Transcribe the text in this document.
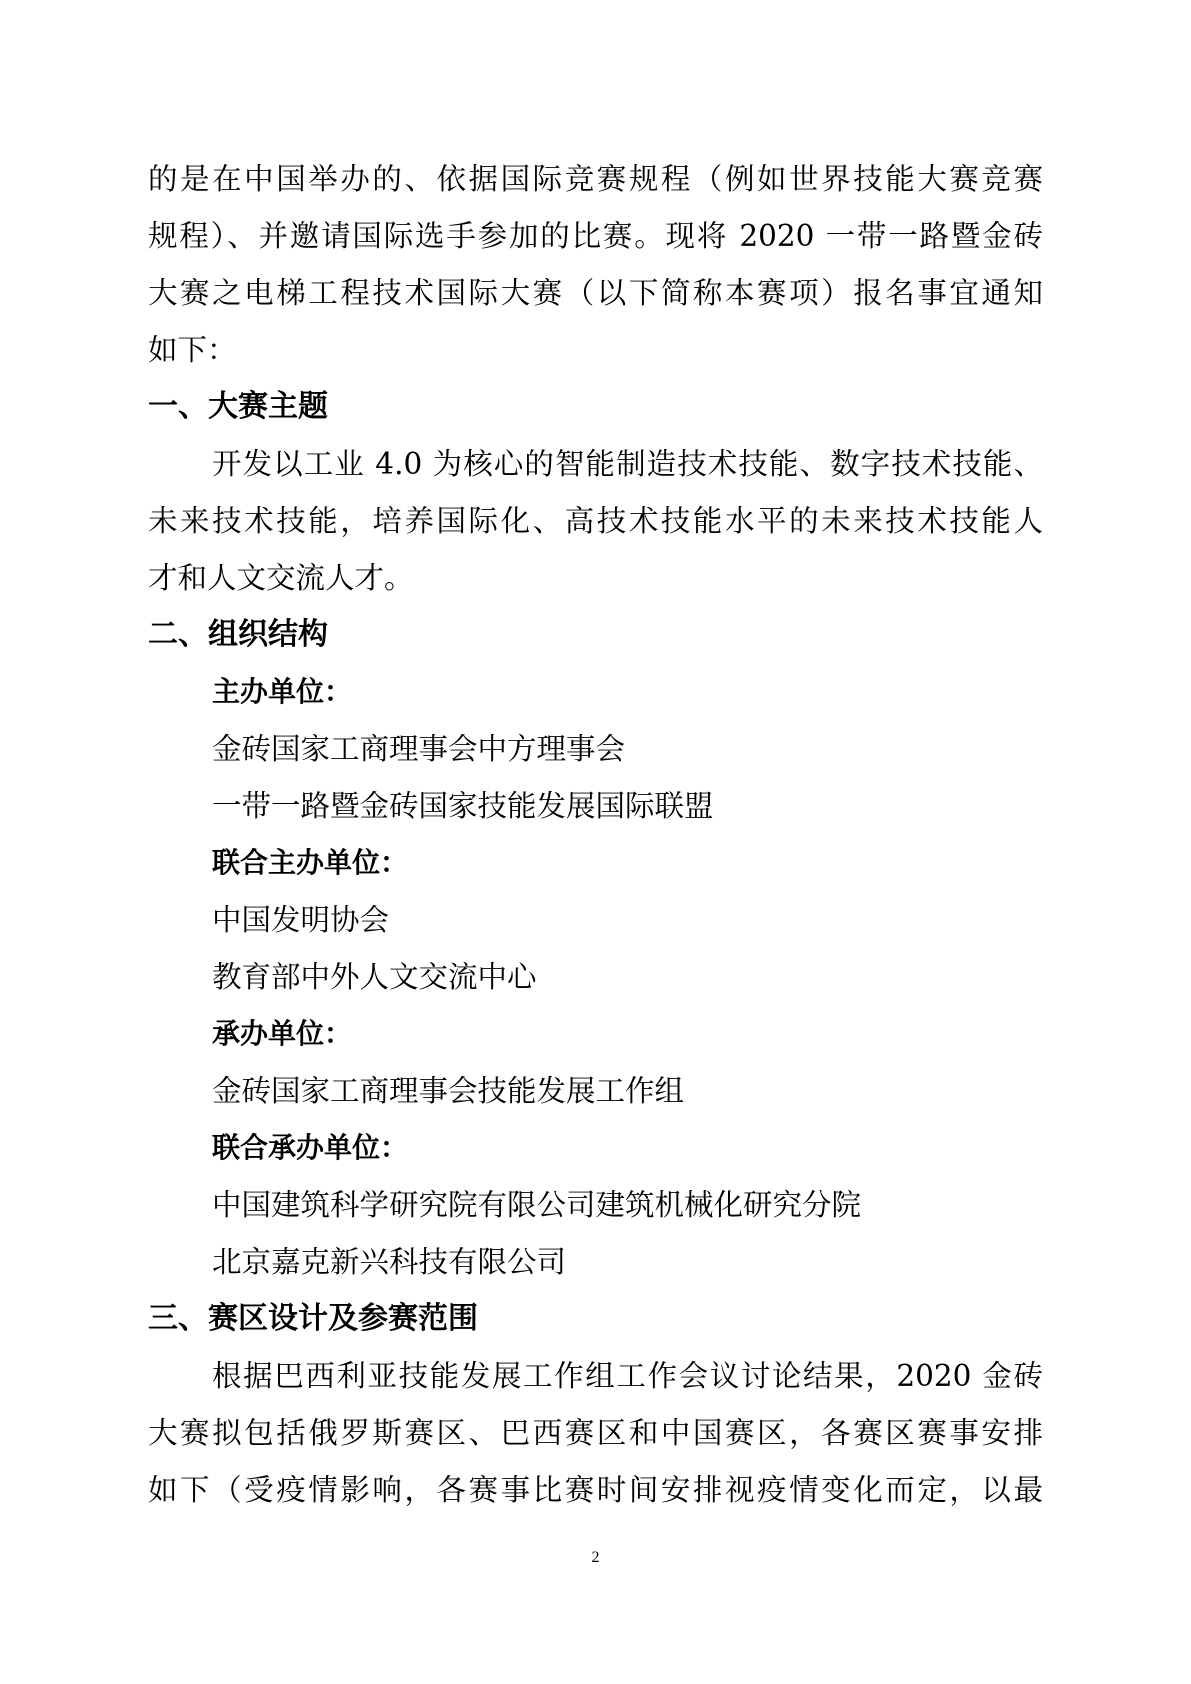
的是在中国举办的、依据国际竞赛规程（例如世界技能大赛竞赛
规程）、并邀请国际选手参加的比赛。现将 2020 一带一路暨金砖
大赛之电梯工程技术国际大赛（以下简称本赛项）报名事宜通知
如下：
一、大赛主题
开发以工业 4.0 为核心的智能制造技术技能、数字技术技能、
未来技术技能，培养国际化、高技术技能水平的未来技术技能人
才和人文交流人才。
二、组织结构
主办单位：
金砖国家工商理事会中方理事会
一带一路暨金砖国家技能发展国际联盟
联合主办单位：
中国发明协会
教育部中外人文交流中心
承办单位：
金砖国家工商理事会技能发展工作组
联合承办单位：
中国建筑科学研究院有限公司建筑机械化研究分院
北京嘉克新兴科技有限公司
三、赛区设计及参赛范围
根据巴西利亚技能发展工作组工作会议讨论结果，2020 金砖
大赛拟包括俄罗斯赛区、巴西赛区和中国赛区，各赛区赛事安排
如下（受疫情影响，各赛事比赛时间安排视疫情变化而定，以最
2
